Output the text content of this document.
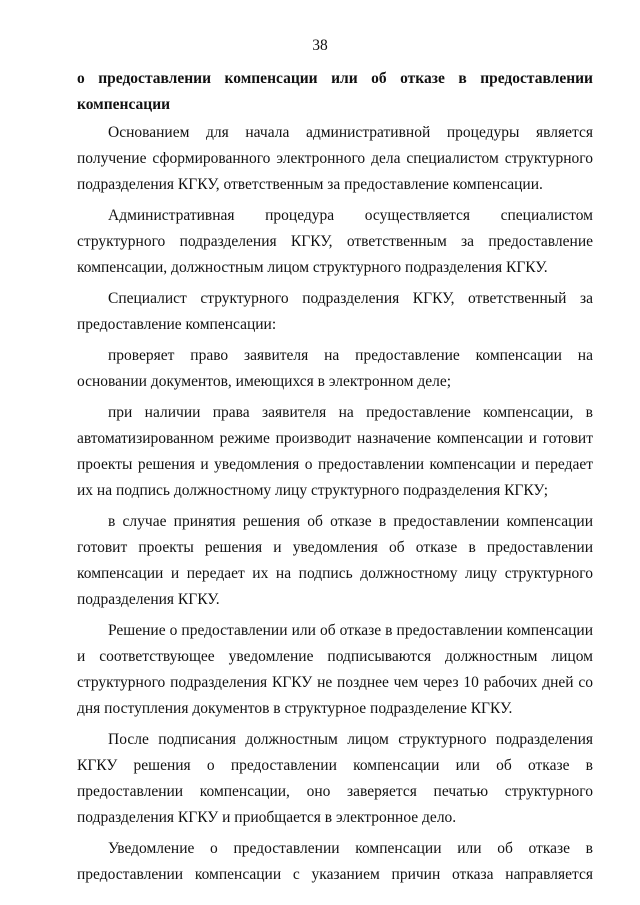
38

о предоставлении компенсации или об отказе в предоставлении компенсации

Основанием для начала административной процедуры является получение сформированного электронного дела специалистом структурного подразделения КГКУ, ответственным за предоставление компенсации.

Административная процедура осуществляется специалистом структурного подразделения КГКУ, ответственным за предоставление компенсации, должностным лицом структурного подразделения КГКУ.

Специалист структурного подразделения КГКУ, ответственный за предоставление компенсации:

проверяет право заявителя на предоставление компенсации на основании документов, имеющихся в электронном деле;

при наличии права заявителя на предоставление компенсации, в автоматизированном режиме производит назначение компенсации и готовит проекты решения и уведомления о предоставлении компенсации и передает их на подпись должностному лицу структурного подразделения КГКУ;

в случае принятия решения об отказе в предоставлении компенсации готовит проекты решения и уведомления об отказе в предоставлении компенсации и передает их на подпись должностному лицу структурного подразделения КГКУ.

Решение о предоставлении или об отказе в предоставлении компенсации и соответствующее уведомление подписываются должностным лицом структурного подразделения КГКУ не позднее чем через 10 рабочих дней со дня поступления документов в структурное подразделение КГКУ.

После подписания должностным лицом структурного подразделения КГКУ решения о предоставлении компенсации или об отказе в предоставлении компенсации, оно заверяется печатью структурного подразделения КГКУ и приобщается в электронное дело.

Уведомление о предоставлении компенсации или об отказе в предоставлении компенсации с указанием причин отказа направляется
